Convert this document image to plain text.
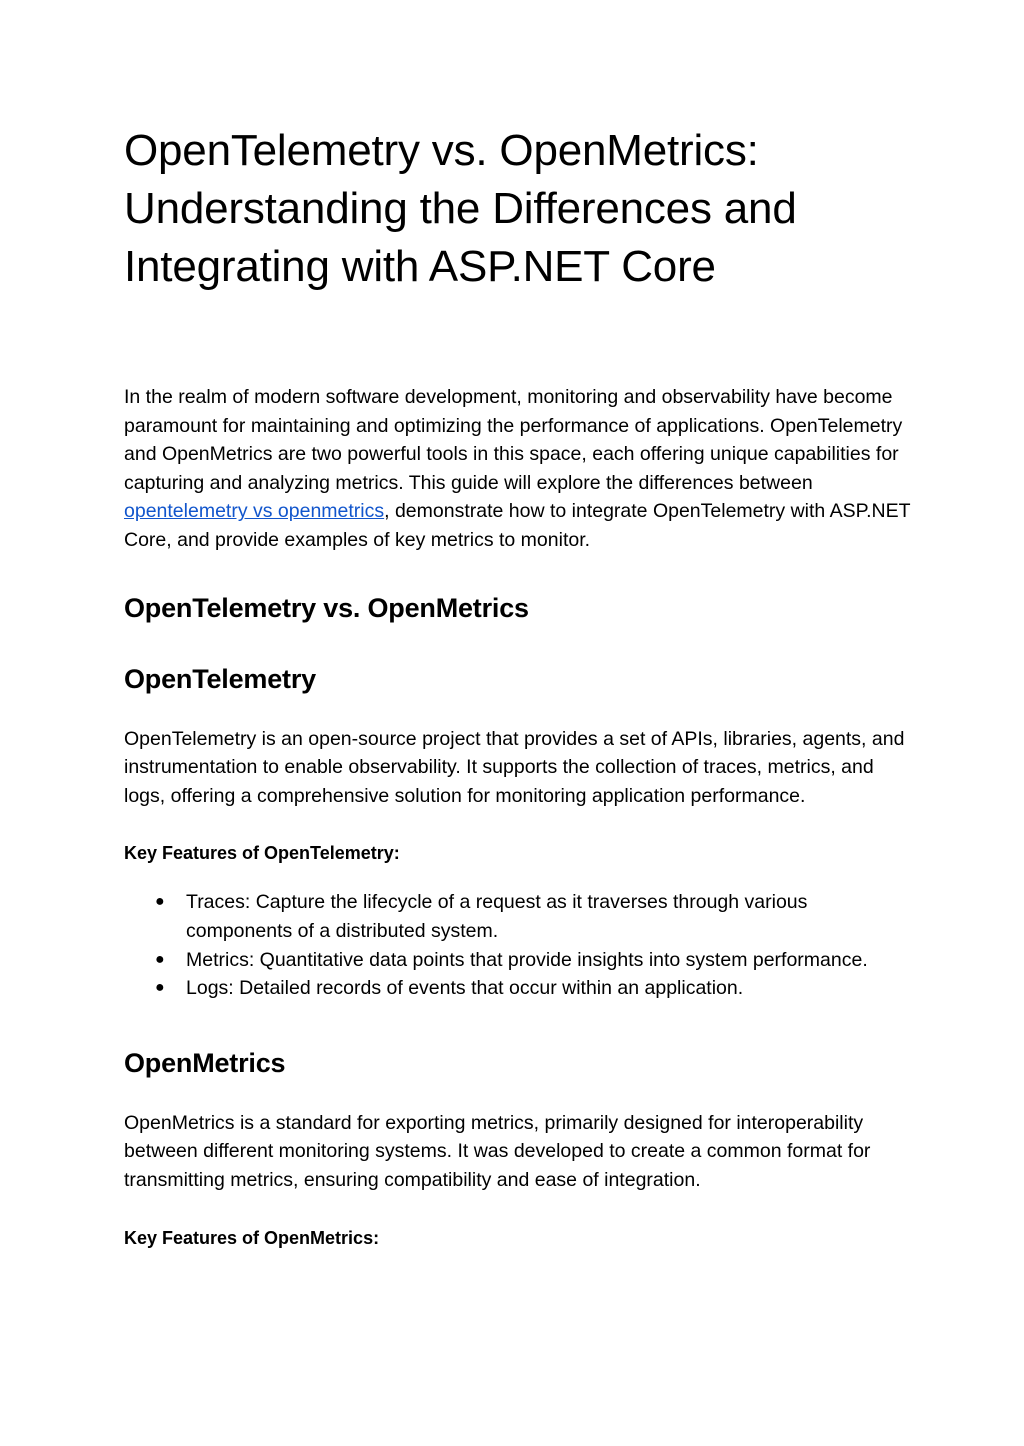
OpenTelemetry vs. OpenMetrics:
Understanding the Differences and
Integrating with ASP.NET Core

In the realm of modern software development, monitoring and observability have become paramount for maintaining and optimizing the performance of applications. OpenTelemetry and OpenMetrics are two powerful tools in this space, each offering unique capabilities for capturing and analyzing metrics. This guide will explore the differences between opentelemetry vs openmetrics, demonstrate how to integrate OpenTelemetry with ASP.NET Core, and provide examples of key metrics to monitor.

OpenTelemetry vs. OpenMetrics
OpenTelemetry

OpenTelemetry is an open-source project that provides a set of APIs, libraries, agents, and instrumentation to enable observability. It supports the collection of traces, metrics, and logs, offering a comprehensive solution for monitoring application performance.

Key Features of OpenTelemetry:

● Traces: Capture the lifecycle of a request as it traverses through various components of a distributed system.
● Metrics: Quantitative data points that provide insights into system performance.
● Logs: Detailed records of events that occur within an application.
OpenMetrics

OpenMetrics is a standard for exporting metrics, primarily designed for interoperability between different monitoring systems. It was developed to create a common format for transmitting metrics, ensuring compatibility and ease of integration.

Key Features of OpenMetrics:
